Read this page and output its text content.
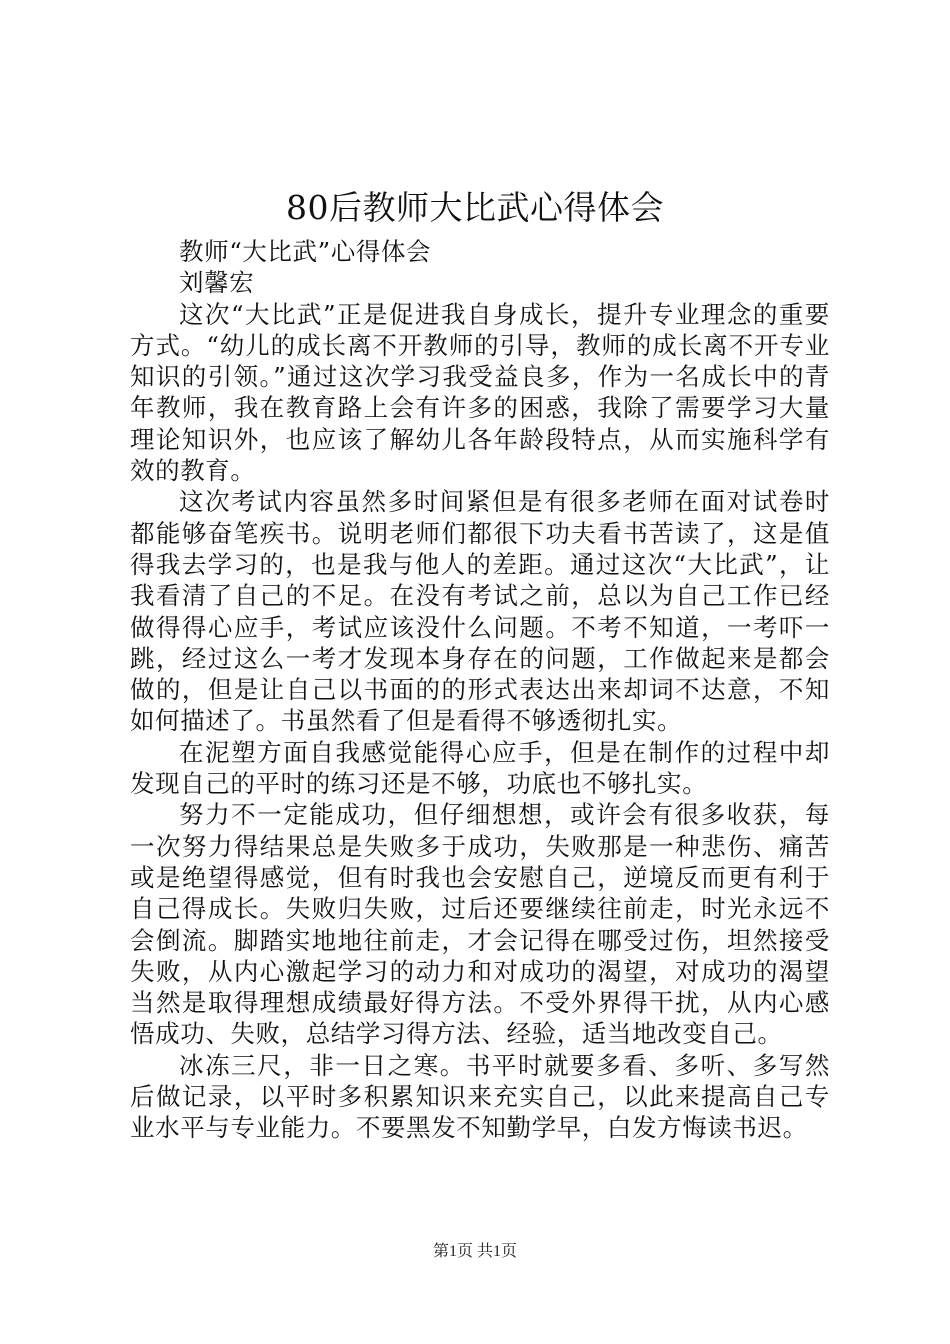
80后教师大比武心得体会

教师“大比武”心得体会

刘馨宏

这次“大比武”正是促进我自身成长，提升专业理念的重要方式。“幼儿的成长离不开教师的引导，教师的成长离不开专业知识的引领。”通过这次学习我受益良多，作为一名成长中的青年教师，我在教育路上会有许多的困惑，我除了需要学习大量理论知识外，也应该了解幼儿各年龄段特点，从而实施科学有效的教育。

这次考试内容虽然多时间紧但是有很多老师在面对试卷时都能够奋笔疾书。说明老师们都很下功夫看书苦读了，这是值得我去学习的，也是我与他人的差距。通过这次“大比武”，让我看清了自己的不足。在没有考试之前，总以为自己工作已经做得得心应手，考试应该没什么问题。不考不知道，一考吓一跳，经过这么一考才发现本身存在的问题，工作做起来是都会做的，但是让自己以书面的的形式表达出来却词不达意，不知如何描述了。书虽然看了但是看得不够透彻扎实。

在泥塑方面自我感觉能得心应手，但是在制作的过程中却发现自己的平时的练习还是不够，功底也不够扎实。

努力不一定能成功，但仔细想想，或许会有很多收获，每一次努力得结果总是失败多于成功，失败那是一种悲伤、痛苦或是绝望得感觉，但有时我也会安慰自己，逆境反而更有利于自己得成长。失败归失败，过后还要继续往前走，时光永远不会倒流。脚踏实地地往前走，才会记得在哪受过伤，坦然接受失败，从内心激起学习的动力和对成功的渴望，对成功的渴望当然是取得理想成绩最好得方法。不受外界得干扰，从内心感悟成功、失败，总结学习得方法、经验，适当地改变自己。

冰冻三尺，非一日之寒。书平时就要多看、多听、多写然后做记录，以平时多积累知识来充实自己，以此来提高自己专业水平与专业能力。不要黑发不知勤学早，白发方悔读书迟。

第1页 共1页
